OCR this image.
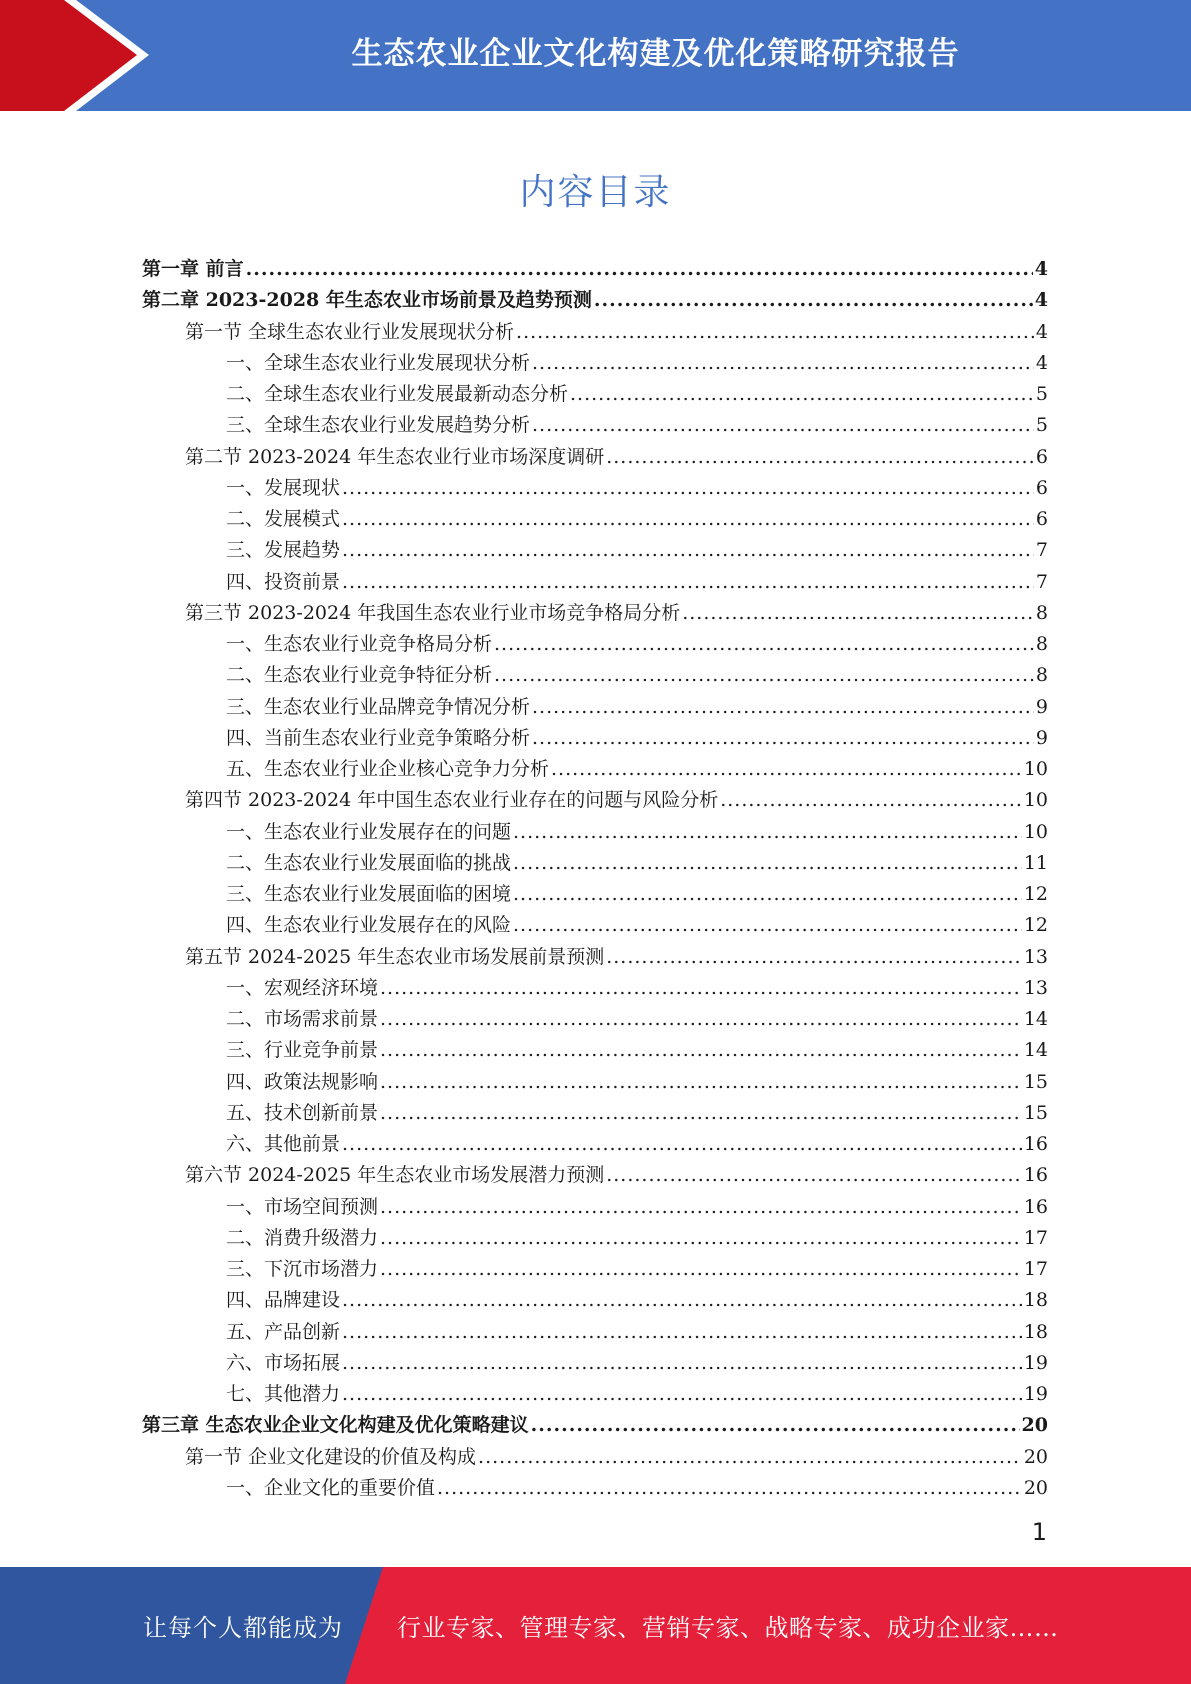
生态农业企业文化构建及优化策略研究报告
内容目录
第一章 前言 .....	4
第二章 2023-2028 年生态农业市场前景及趋势预测 .....	4
第一节 全球生态农业行业发展现状分析 .....	4
一、全球生态农业行业发展现状分析 .....	4
二、全球生态农业行业发展最新动态分析 .....	5
三、全球生态农业行业发展趋势分析 .....	5
第二节 2023-2024 年生态农业行业市场深度调研 .....	6
一、发展现状 .....	6
二、发展模式 .....	6
三、发展趋势 .....	7
四、投资前景 .....	7
第三节 2023-2024 年我国生态农业行业市场竞争格局分析 .....	8
一、生态农业行业竞争格局分析 .....	8
二、生态农业行业竞争特征分析 .....	8
三、生态农业行业品牌竞争情况分析 .....	9
四、当前生态农业行业竞争策略分析 .....	9
五、生态农业行业企业核心竞争力分析 .....	10
第四节 2023-2024 年中国生态农业行业存在的问题与风险分析 .....	10
一、生态农业行业发展存在的问题 .....	10
二、生态农业行业发展面临的挑战 .....	11
三、生态农业行业发展面临的困境 .....	12
四、生态农业行业发展存在的风险 .....	12
第五节 2024-2025 年生态农业市场发展前景预测 .....	13
一、宏观经济环境 .....	13
二、市场需求前景 .....	14
三、行业竞争前景 .....	14
四、政策法规影响 .....	15
五、技术创新前景 .....	15
六、其他前景 .....	16
第六节 2024-2025 年生态农业市场发展潜力预测 .....	16
一、市场空间预测 .....	16
二、消费升级潜力 .....	17
三、下沉市场潜力 .....	17
四、品牌建设 .....	18
五、产品创新 .....	18
六、市场拓展 .....	19
七、其他潜力 .....	19
第三章 生态农业企业文化构建及优化策略建议 .....	20
第一节 企业文化建设的价值及构成 .....	20
一、企业文化的重要价值 .....	20
1
让每个人都能成为 行业专家、管理专家、营销专家、战略专家、成功企业家……
